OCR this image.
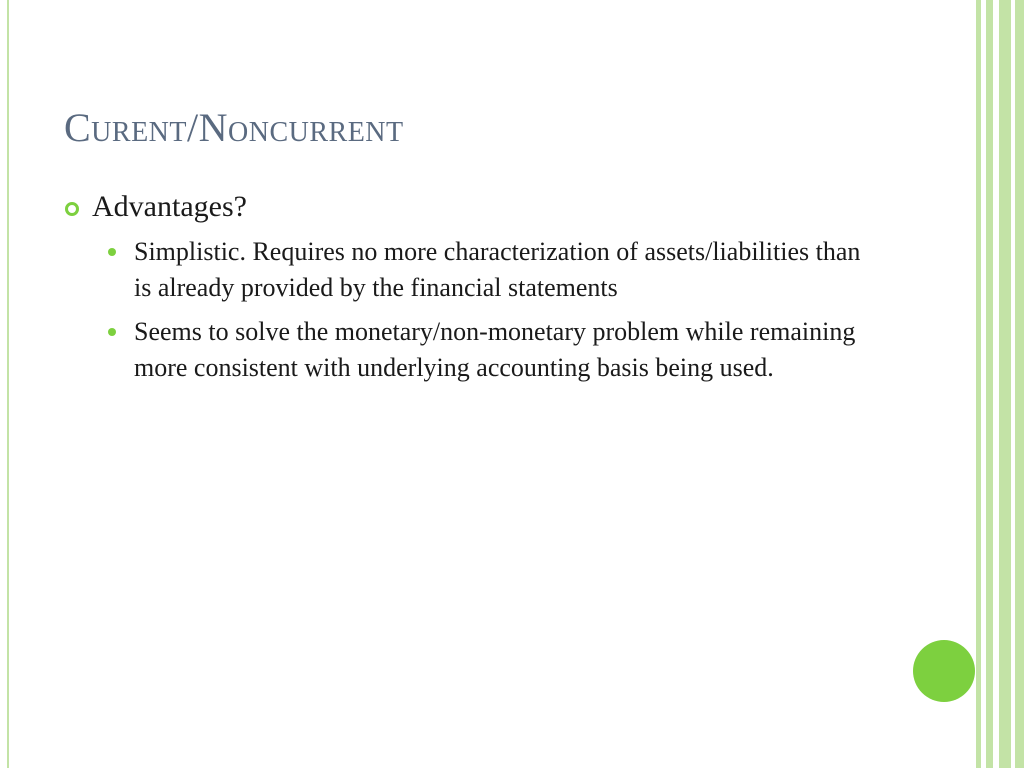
Curent/Noncurrent
Advantages?
Simplistic. Requires no more characterization of assets/liabilities than is already provided by the financial statements
Seems to solve the monetary/non-monetary problem while remaining more consistent with underlying accounting basis being used.
